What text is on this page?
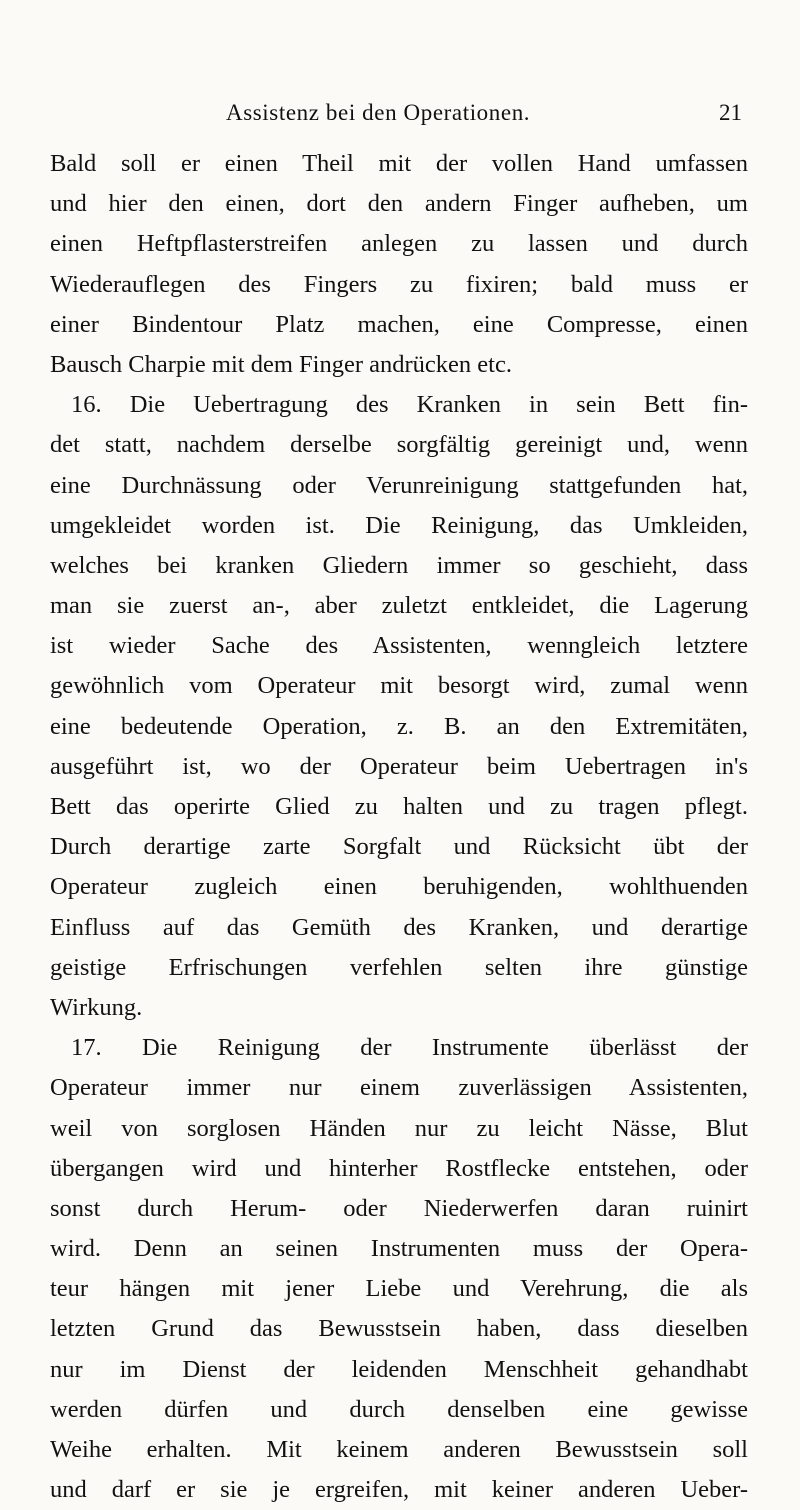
Assistenz bei den Operationen.	21
Bald soll er einen Theil mit der vollen Hand umfassen
und hier den einen, dort den andern Finger aufheben, um
einen Heftpflasterstreifen anlegen zu lassen und durch
Wiederauflegen des Fingers zu fixiren; bald muss er
einer Bindentour Platz machen, eine Compresse, einen
Bausch Charpie mit dem Finger andrücken etc.
16. Die Uebertragung des Kranken in sein Bett fin-
det statt, nachdem derselbe sorgfältig gereinigt und, wenn
eine Durchnässung oder Verunreinigung stattgefunden hat,
umgekleidet worden ist. Die Reinigung, das Umkleiden,
welches bei kranken Gliedern immer so geschieht, dass
man sie zuerst an-, aber zuletzt entkleidet, die Lagerung
ist wieder Sache des Assistenten, wenngleich letztere
gewöhnlich vom Operateur mit besorgt wird, zumal wenn
eine bedeutende Operation, z. B. an den Extremitäten,
ausgeführt ist, wo der Operateur beim Uebertragen in's
Bett das operirte Glied zu halten und zu tragen pflegt.
Durch derartige zarte Sorgfalt und Rücksicht übt der
Operateur zugleich einen beruhigenden, wohlthuenden
Einfluss auf das Gemüth des Kranken, und derartige
geistige Erfrischungen verfehlen selten ihre günstige
Wirkung.
17. Die Reinigung der Instrumente überlässt der
Operateur immer nur einem zuverlässigen Assistenten,
weil von sorglosen Händen nur zu leicht Nässe, Blut
übergangen wird und hinterher Rostflecke entstehen, oder
sonst durch Herum- oder Niederwerfen daran ruinirt
wird. Denn an seinen Instrumenten muss der Opera-
teur hängen mit jener Liebe und Verehrung, die als
letzten Grund das Bewusstsein haben, dass dieselben
nur im Dienst der leidenden Menschheit gehandhabt
werden dürfen und durch denselben eine gewisse
Weihe erhalten. Mit keinem anderen Bewusstsein soll
und darf er sie je ergreifen, mit keiner anderen Ueber-
